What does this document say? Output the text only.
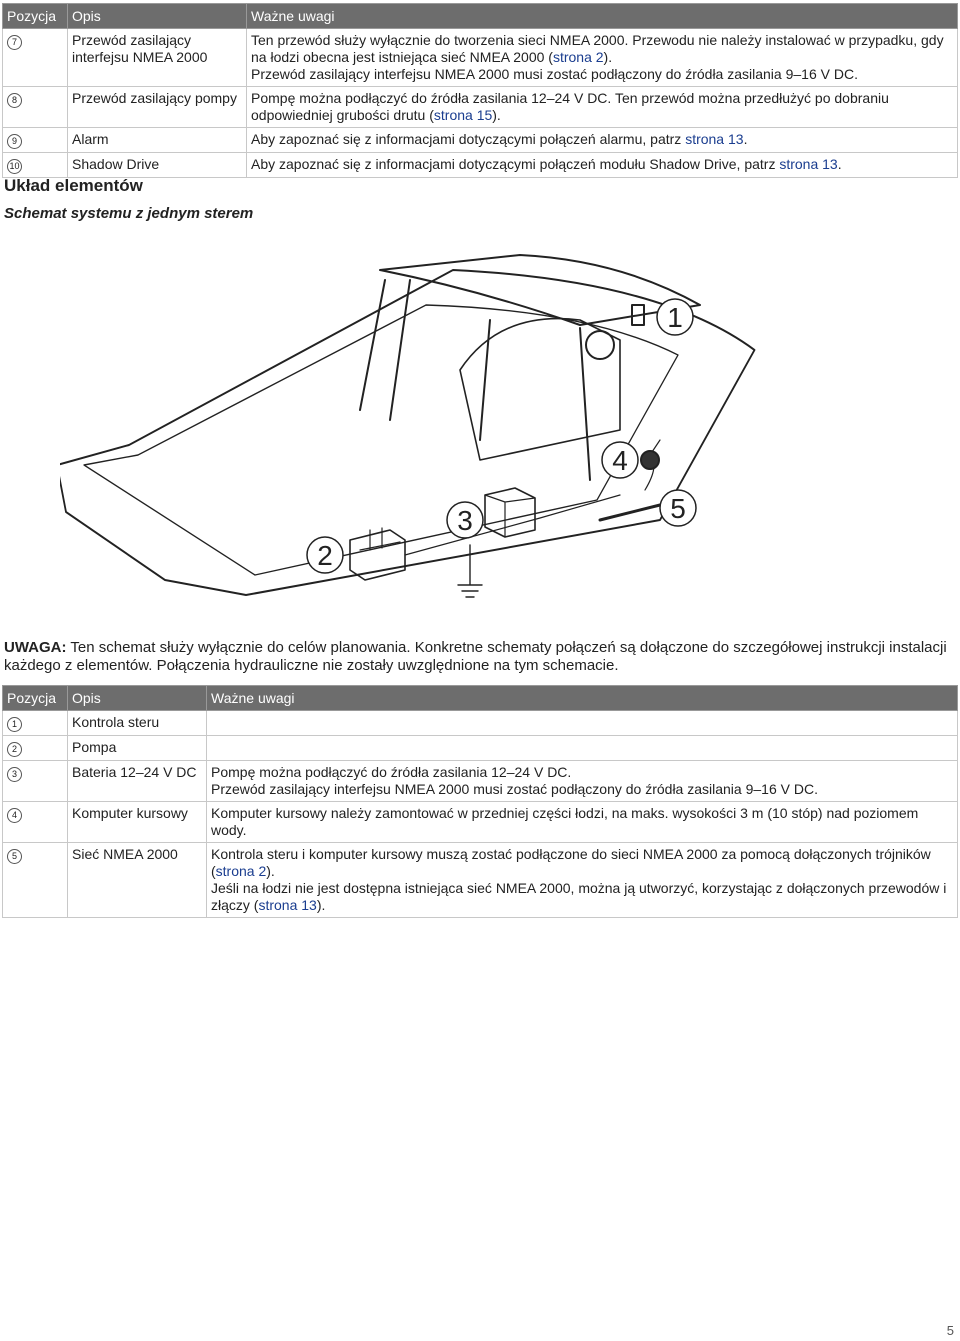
Pozycja	Opis	Ważne uwagi
7	Przewód zasilający interfejsu NMEA 2000	Ten przewód służy wyłącznie do tworzenia sieci NMEA 2000. Przewodu nie należy instalować w przypadku, gdy na łodzi obecna jest istniejąca sieć NMEA 2000 (strona 2).
Przewód zasilający interfejsu NMEA 2000 musi zostać podłączony do źródła zasilania 9–16 V DC.
8	Przewód zasilający pompy	Pompę można podłączyć do źródła zasilania 12–24 V DC. Ten przewód można przedłużyć po dobraniu odpowiedniej grubości drutu (strona 15).
9	Alarm	Aby zapoznać się z informacjami dotyczącymi połączeń alarmu, patrz strona 13.
10	Shadow Drive	Aby zapoznać się z informacjami dotyczącymi połączeń modułu Shadow Drive, patrz strona 13.
Układ elementów
Schemat systemu z jednym sterem
1
2
3
4
5

UWAGA: Ten schemat służy wyłącznie do celów planowania. Konkretne schematy połączeń są dołączone do szczegółowej instrukcji instalacji każdego z elementów. Połączenia hydrauliczne nie zostały uwzględnione na tym schemacie.

Pozycja	Opis	Ważne uwagi
1	Kontrola steru	
2	Pompa	
3	Bateria 12–24 V DC	Pompę można podłączyć do źródła zasilania 12–24 V DC.
Przewód zasilający interfejsu NMEA 2000 musi zostać podłączony do źródła zasilania 9–16 V DC.
4	Komputer kursowy	Komputer kursowy należy zamontować w przedniej części łodzi, na maks. wysokości 3 m (10 stóp) nad poziomem wody.
5	Sieć NMEA 2000	Kontrola steru i komputer kursowy muszą zostać podłączone do sieci NMEA 2000 za pomocą dołączonych trójników (strona 2).
Jeśli na łodzi nie jest dostępna istniejąca sieć NMEA 2000, można ją utworzyć, korzystając z dołączonych przewodów i złączy (strona 13).
5
